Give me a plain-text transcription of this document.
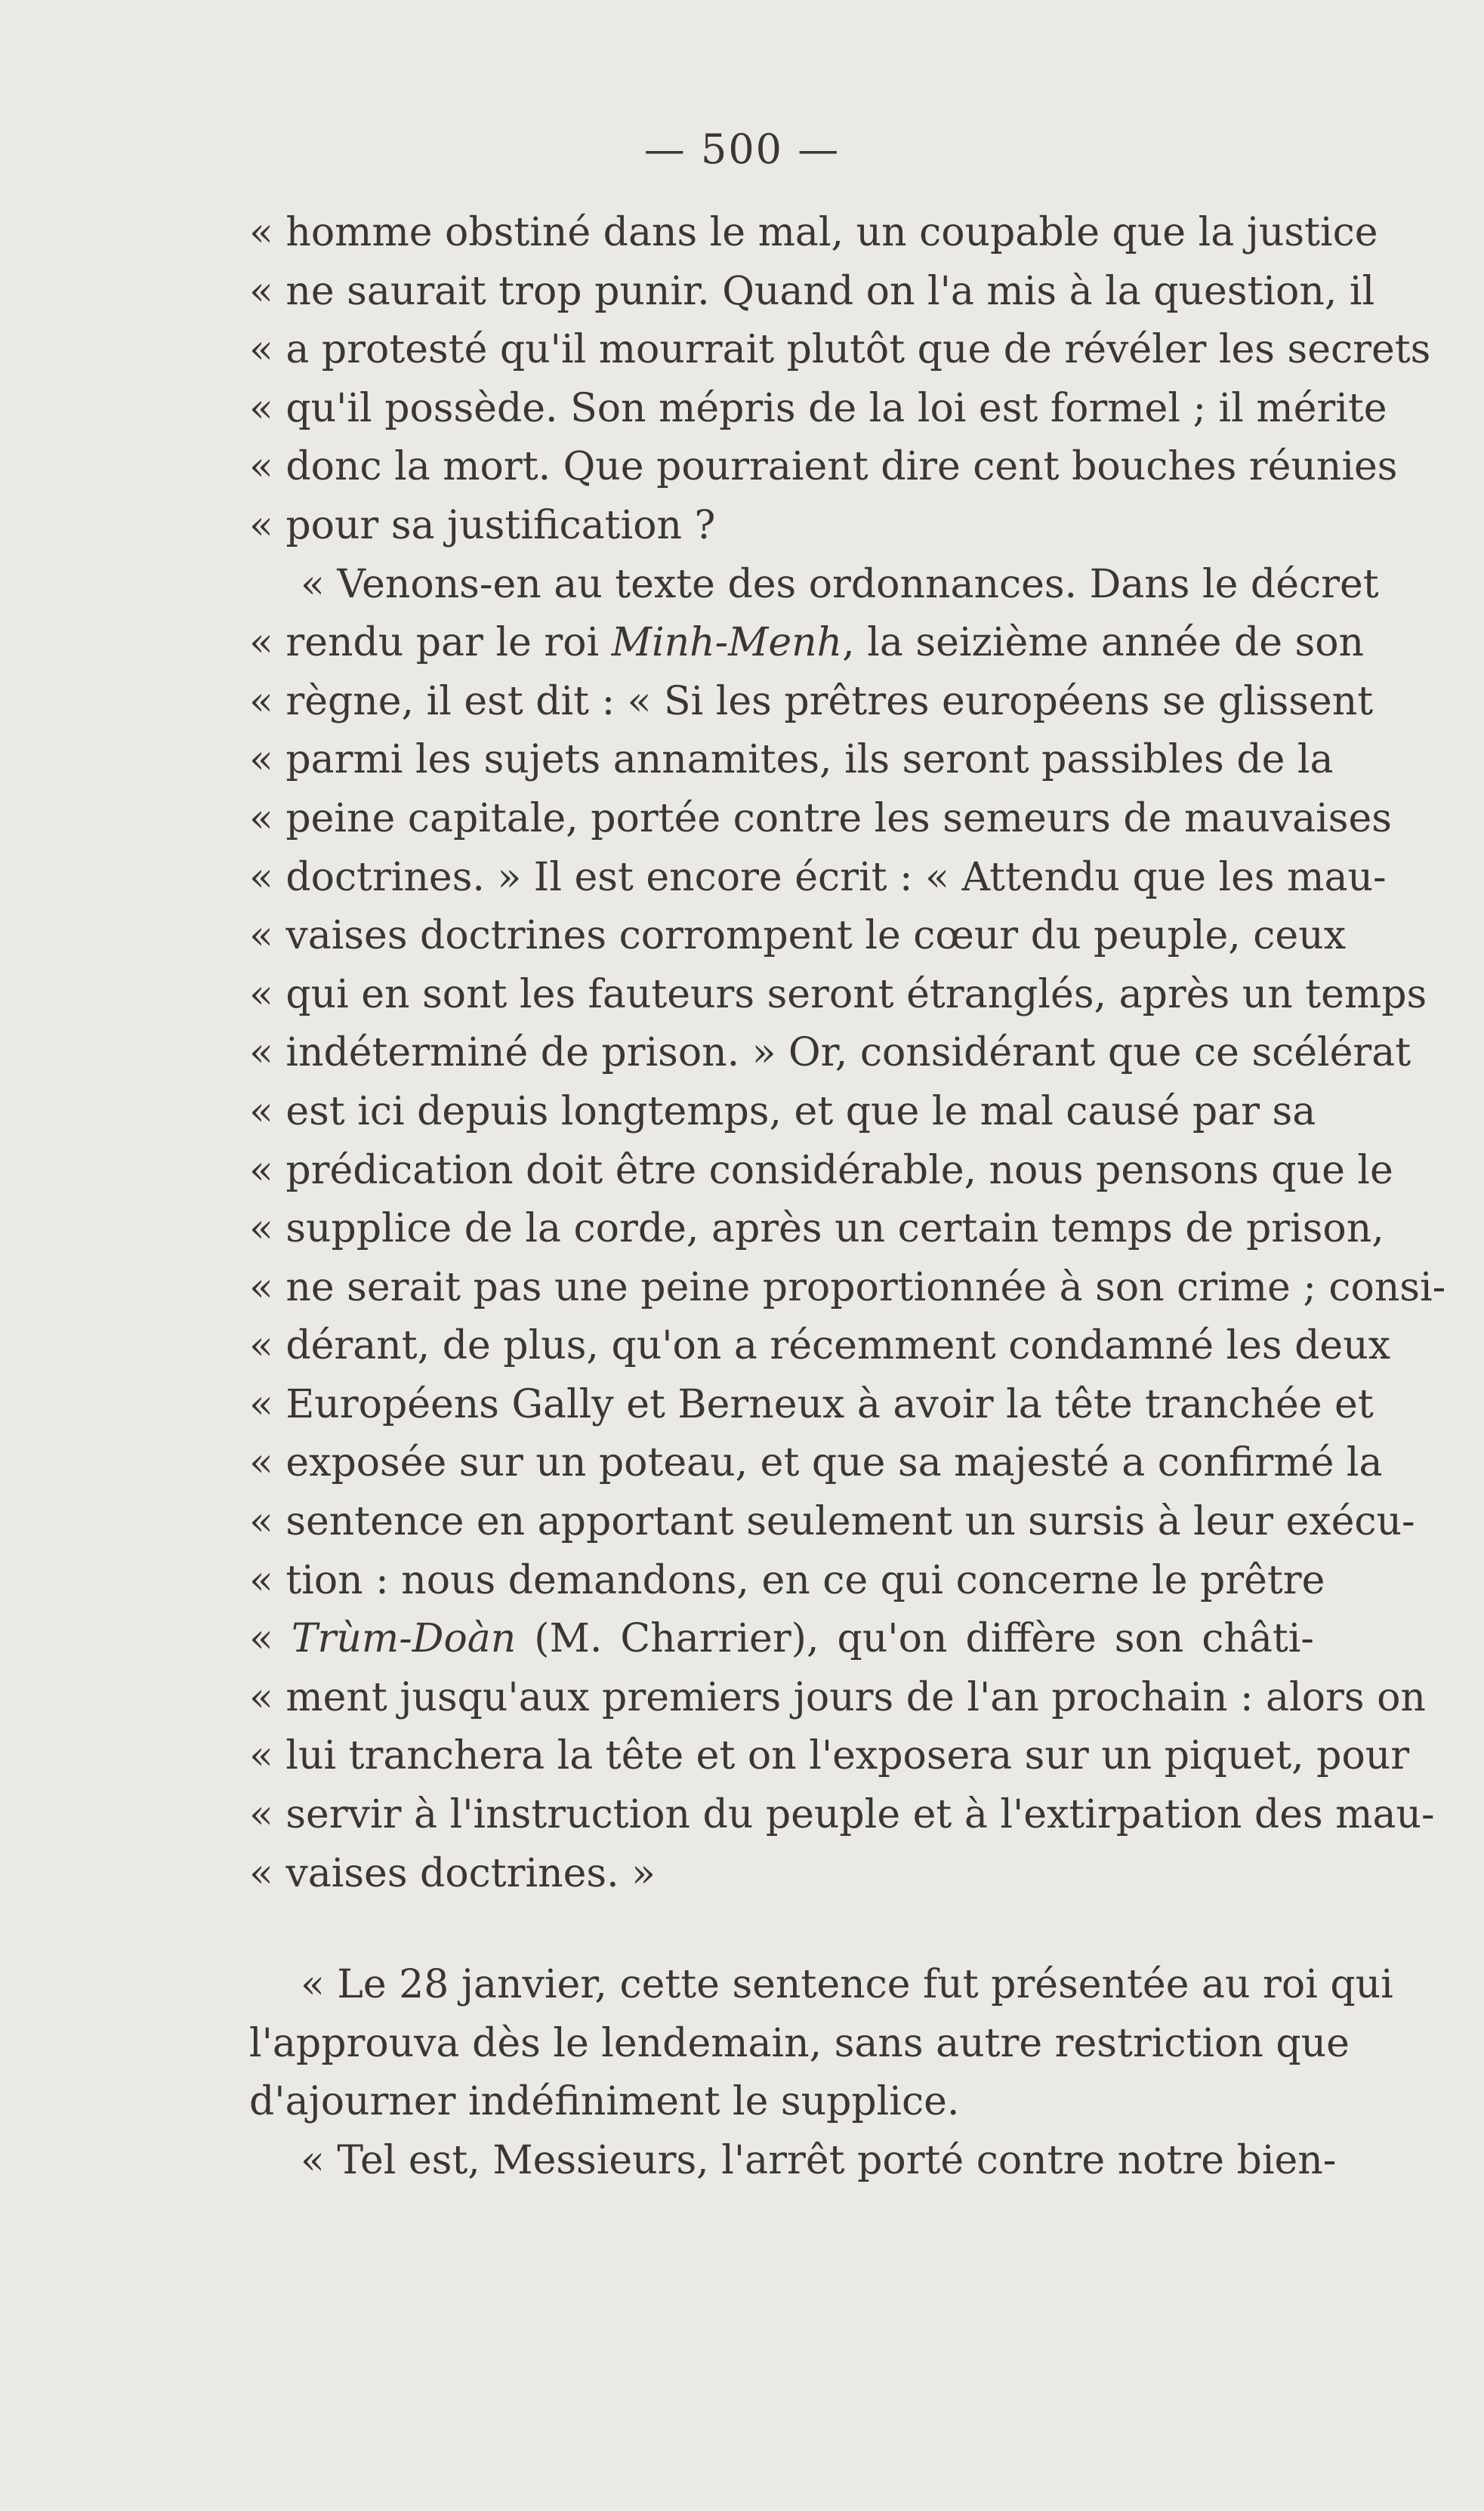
— 500 —
« homme obstiné dans le mal, un coupable que la justice
« ne saurait trop punir. Quand on l'a mis à la question, il
« a protesté qu'il mourrait plutôt que de révéler les secrets
« qu'il possède. Son mépris de la loi est formel ; il mérite
« donc la mort. Que pourraient dire cent bouches réunies
« pour sa justification ?
« Venons-en au texte des ordonnances. Dans le décret
« rendu par le roi Minh-Menh, la seizième année de son
« règne, il est dit : « Si les prêtres européens se glissent
« parmi les sujets annamites, ils seront passibles de la
« peine capitale, portée contre les semeurs de mauvaises
« doctrines. » Il est encore écrit : « Attendu que les mau-
« vaises doctrines corrompent le cœur du peuple, ceux
« qui en sont les fauteurs seront étranglés, après un temps
« indéterminé de prison. » Or, considérant que ce scélérat
« est ici depuis longtemps, et que le mal causé par sa
« prédication doit être considérable, nous pensons que le
« supplice de la corde, après un certain temps de prison,
« ne serait pas une peine proportionnée à son crime ; consi-
« dérant, de plus, qu'on a récemment condamné les deux
« Européens Gally et Berneux à avoir la tête tranchée et
« exposée sur un poteau, et que sa majesté a confirmé la
« sentence en apportant seulement un sursis à leur exécu-
« tion : nous demandons, en ce qui concerne le prêtre
« Trùm-Doàn (M. Charrier), qu'on diffère son châti-
« ment jusqu'aux premiers jours de l'an prochain : alors on
« lui tranchera la tête et on l'exposera sur un piquet, pour
« servir à l'instruction du peuple et à l'extirpation des mau-
« vaises doctrines. »
« Le 28 janvier, cette sentence fut présentée au roi qui
l'approuva dès le lendemain, sans autre restriction que
d'ajourner indéfiniment le supplice.
« Tel est, Messieurs, l'arrêt porté contre notre bien-
